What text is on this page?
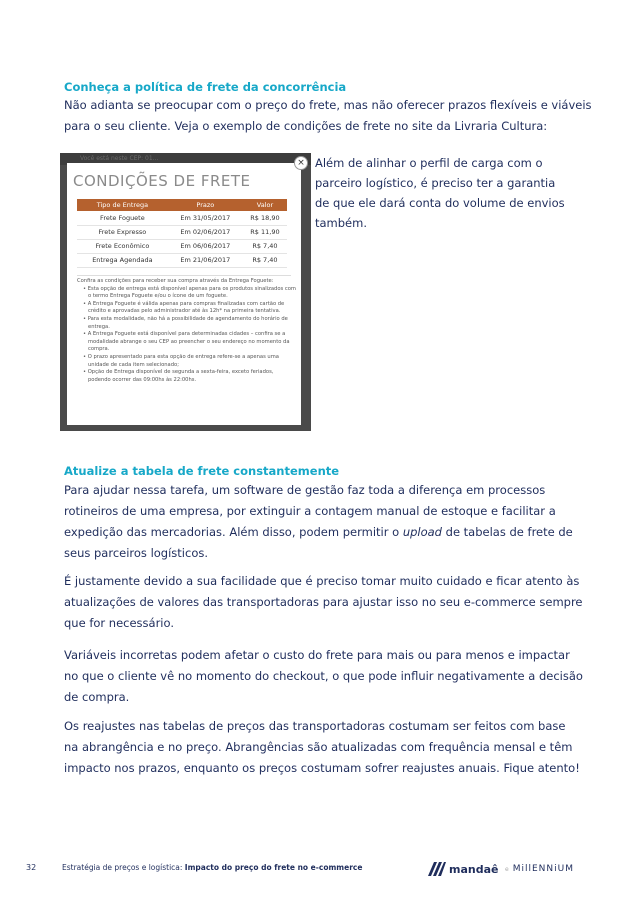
Conheça a política de frete da concorrência
Não adianta se preocupar com o preço do frete, mas não oferecer prazos flexíveis e viáveis
para o seu cliente. Veja o exemplo de condições de frete no site da Livraria Cultura:
Você está neste CEP: 01...
CONDIÇÕES DE FRETE
Tipo de Entrega	Prazo	Valor
Frete Foguete	Em 31/05/2017	R$ 18,90
Frete Expresso	Em 02/06/2017	R$ 11,90
Frete Econômico	Em 06/06/2017	R$ 7,40
Entrega Agendada	Em 21/06/2017	R$ 7,40
Confira as condições para receber sua compra através da Entrega Foguete:
• Esta opção de entrega está disponível apenas para os produtos sinalizados com
o termo Entrega Foguete e/ou o ícone de um foguete.
• A Entrega Foguete é válida apenas para compras finalizadas com cartão de
crédito e aprovadas pelo administrador até às 12h* na primeira tentativa.
• Para esta modalidade, não há a possibilidade de agendamento do horário de
entrega.
• A Entrega Foguete está disponível para determinadas cidades – confira se a
modalidade abrange o seu CEP ao preencher o seu endereço no momento da
compra.
• O prazo apresentado para esta opção de entrega refere-se a apenas uma
unidade de cada item selecionado;
• Opção de Entrega disponível de segunda a sexta-feira, exceto feriados,
podendo ocorrer das 09:00hs às 22:00hs.
× Além de alinhar o perfil de carga com o
parceiro logístico, é preciso ter a garantia
de que ele dará conta do volume de envios
também.
Atualize a tabela de frete constantemente
Para ajudar nessa tarefa, um software de gestão faz toda a diferença em processos
rotineiros de uma empresa, por extinguir a contagem manual de estoque e facilitar a
expedição das mercadorias. Além disso, podem permitir o upload de tabelas de frete de
seus parceiros logísticos.
É justamente devido a sua facilidade que é preciso tomar muito cuidado e ficar atento às
atualizações de valores das transportadoras para ajustar isso no seu e-commerce sempre
que for necessário.
Variáveis incorretas podem afetar o custo do frete para mais ou para menos e impactar
no que o cliente vê no momento do checkout, o que pode influir negativamente a decisão
de compra.
Os reajustes nas tabelas de preços das transportadoras costumam ser feitos com base
na abrangência e no preço. Abrangências são atualizadas com frequência mensal e têm
impacto nos prazos, enquanto os preços costumam sofrer reajustes anuais. Fique atento!
32	Estratégia de preços e logística: Impacto do preço do frete no e-commerce	mandaê e MillENNiUM
